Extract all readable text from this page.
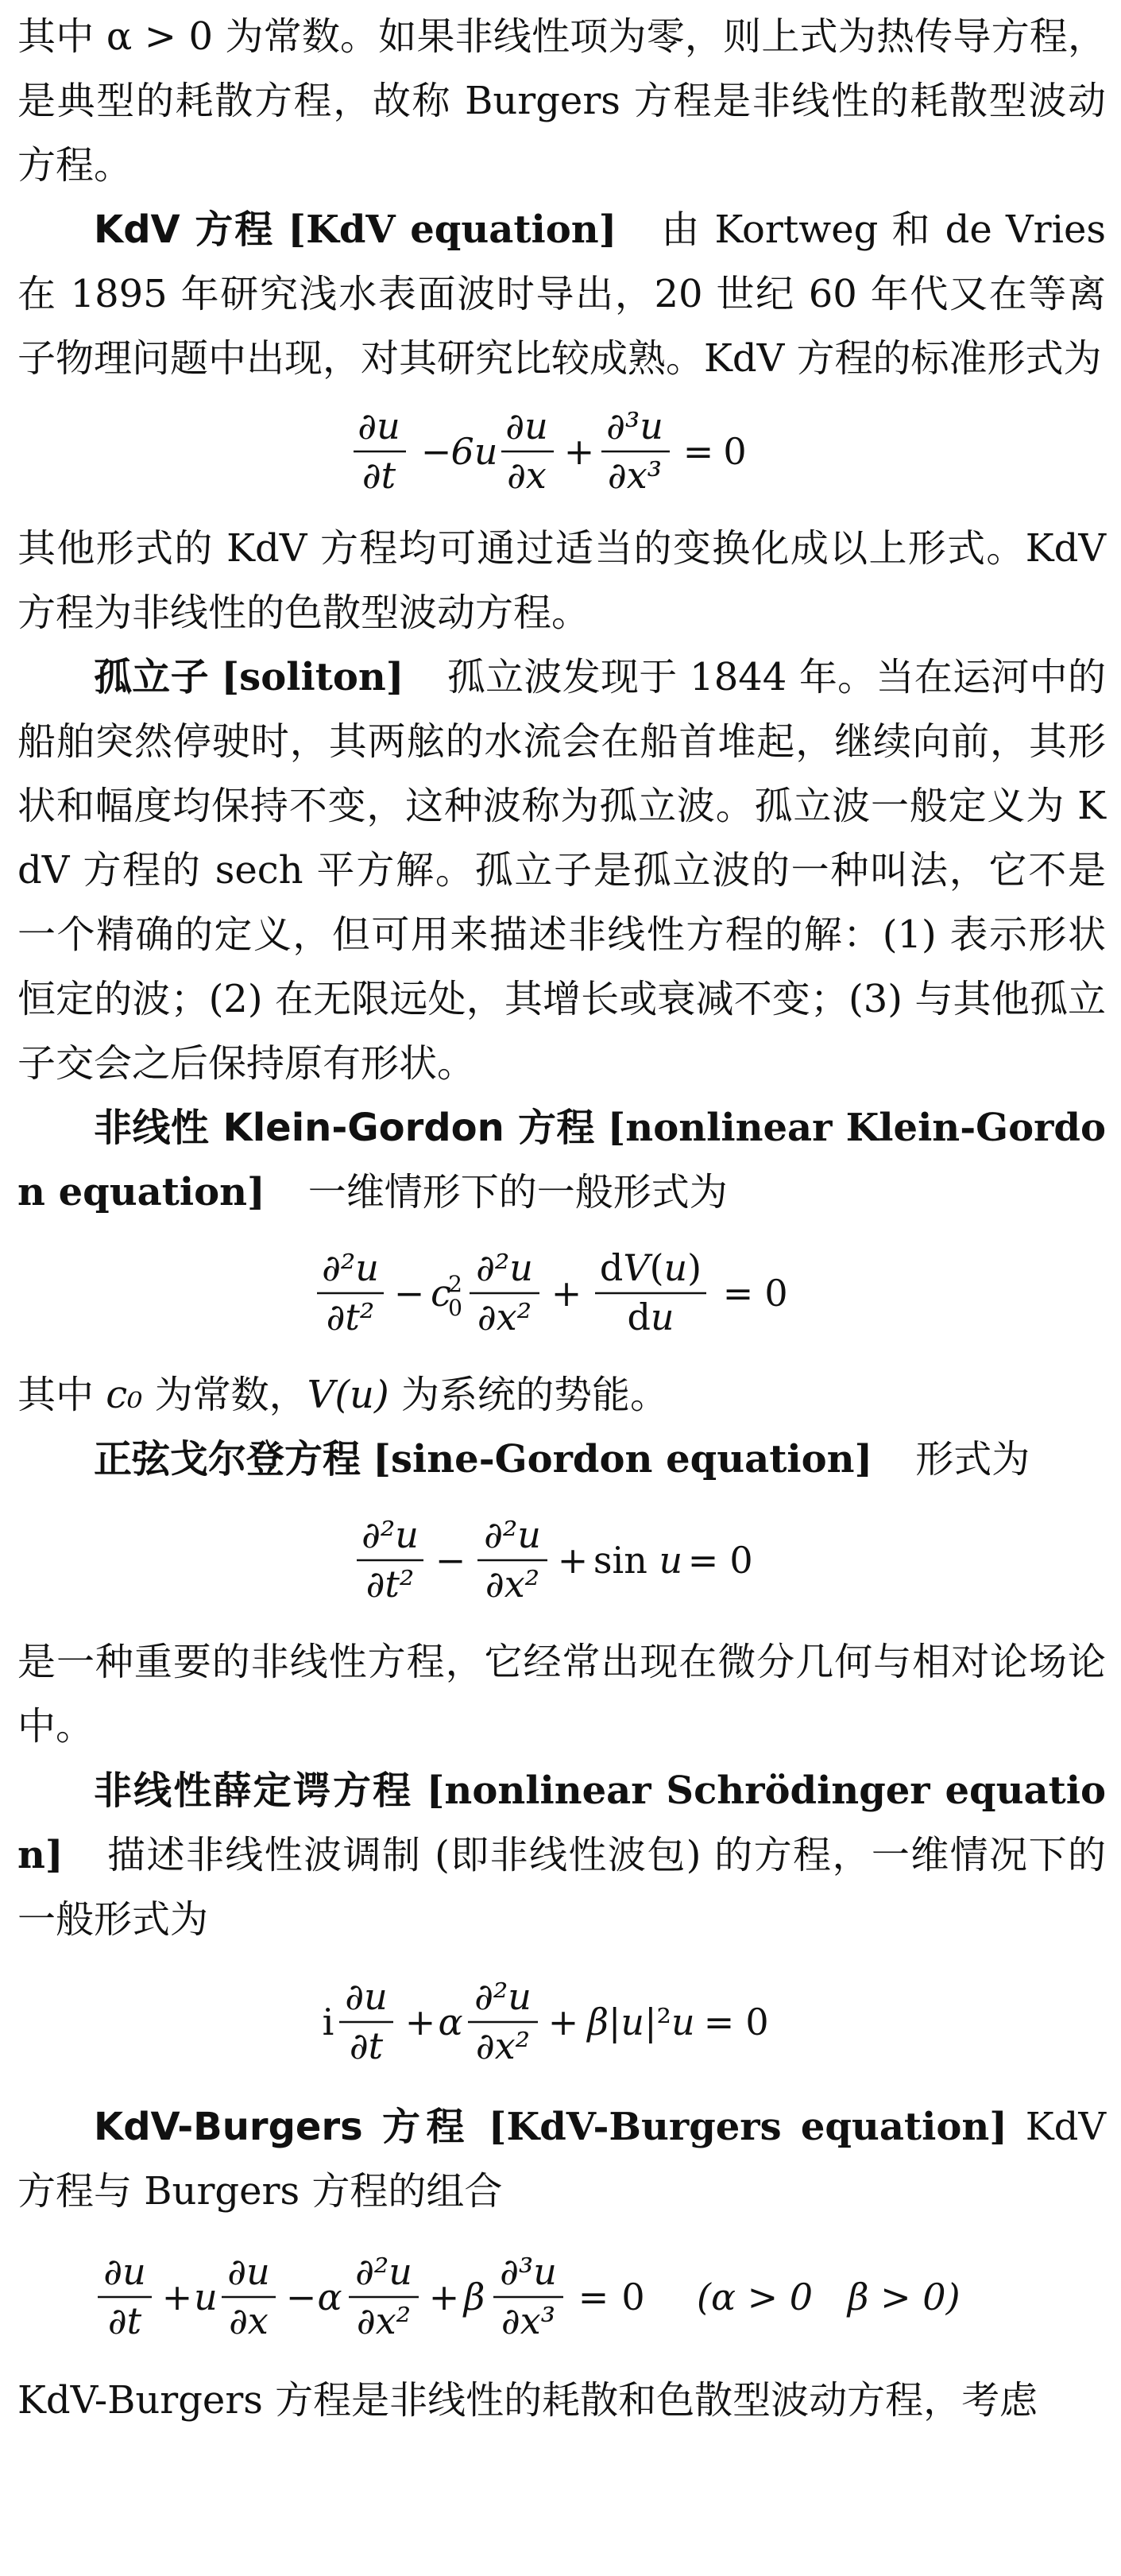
其中 α > 0 为常数。如果非线性项为零，则上式为热传导方程，是典型的耗散方程，故称 Burgers 方程是非线性的耗散型波动方程。

KdV 方程 [KdV equation] 由 Kortweg 和 de Vries 在 1895 年研究浅水表面波时导出，20 世纪 60 年代又在等离子物理问题中出现，对其研究比较成熟。KdV 方程的标准形式为

∂u
∂t
− 6u
∂u
∂x
+
∂³u
∂x³
= 0

其他形式的 KdV 方程均可通过适当的变换化成以上形式。KdV 方程为非线性的色散型波动方程。

孤立子 [soliton] 孤立波发现于 1844 年。当在运河中的船舶突然停驶时，其两舷的水流会在船首堆起，继续向前，其形状和幅度均保持不变，这种波称为孤立波。孤立波一般定义为 KdV 方程的 sech 平方解。孤立子是孤立波的一种叫法，它不是一个精确的定义，但可用来描述非线性方程的解：(1) 表示形状恒定的波；(2) 在无限远处，其增长或衰减不变；(3) 与其他孤立子交会之后保持原有形状。

非线性 Klein-Gordon 方程 [nonlinear Klein-Gordon equation] 一维情形下的一般形式为

∂²u
∂t²
− c
2
0
∂²u
∂x²
+
dV(u)
du
= 0

其中 c₀ 为常数，V(u) 为系统的势能。

正弦戈尔登方程 [sine-Gordon equation] 形式为

∂²u
∂t²
−
∂²u
∂x²
+ sin u = 0

是一种重要的非线性方程，它经常出现在微分几何与相对论场论中。

非线性薛定谔方程 [nonlinear Schrödinger equation] 描述非线性波调制 (即非线性波包) 的方程，一维情况下的一般形式为

i
∂u
∂t
+ α
∂²u
∂x²
+ β|u|²u = 0

KdV-Burgers 方程 [KdV-Burgers equation] KdV 方程与 Burgers 方程的组合

∂u
∂t
+ u
∂u
∂x
− α
∂²u
∂x²
+ β
∂³u
∂x³
= 0 (α > 0   β > 0)

KdV-Burgers 方程是非线性的耗散和色散型波动方程，考虑
